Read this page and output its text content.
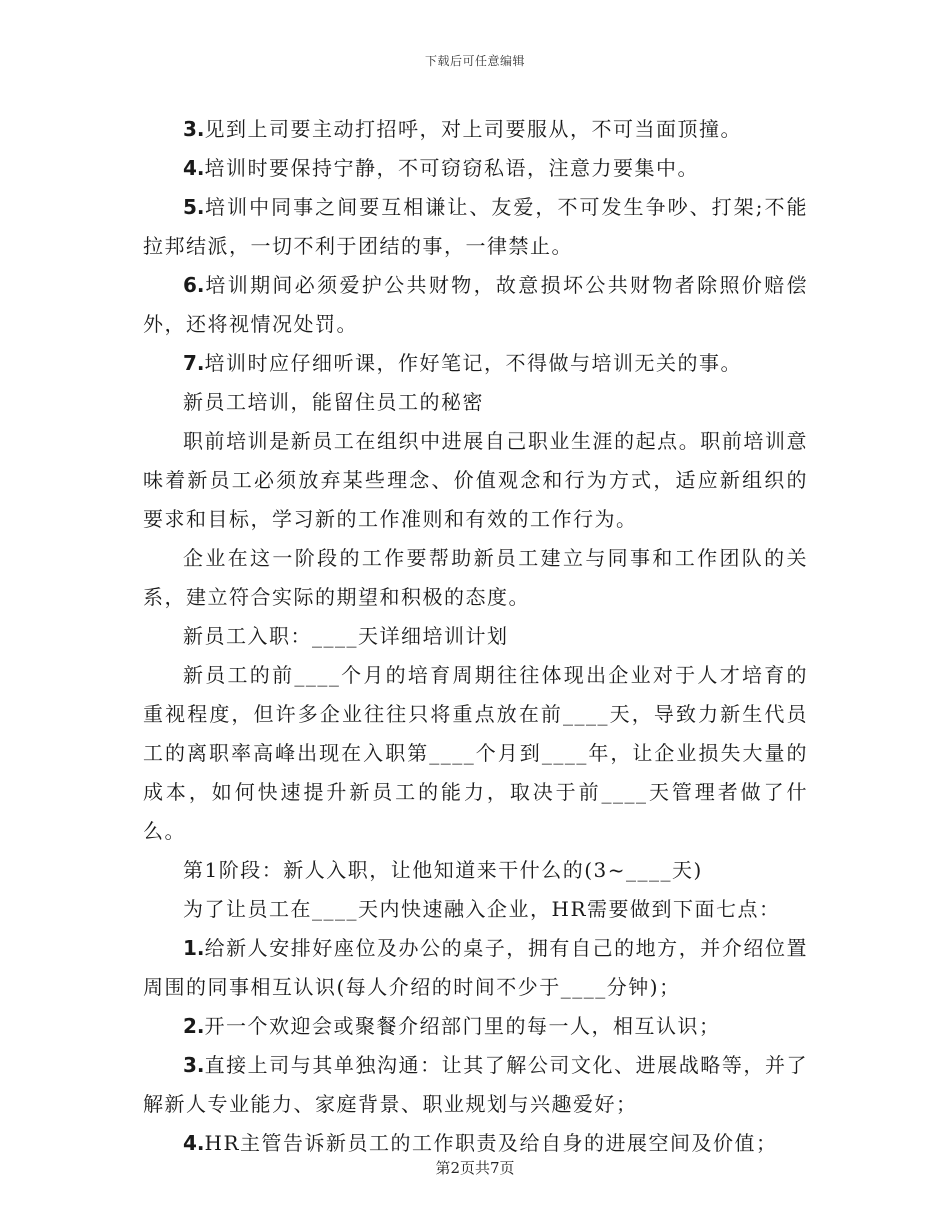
下载后可任意编辑

3.见到上司要主动打招呼，对上司要服从，不可当面顶撞。

4.培训时要保持宁静，不可窃窃私语，注意力要集中。

5.培训中同事之间要互相谦让、友爱，不可发生争吵、打架;不能拉邦结派，一切不利于团结的事，一律禁止。

6.培训期间必须爱护公共财物，故意损坏公共财物者除照价赔偿外，还将视情况处罚。

7.培训时应仔细听课，作好笔记，不得做与培训无关的事。

新员工培训，能留住员工的秘密

职前培训是新员工在组织中进展自己职业生涯的起点。职前培训意味着新员工必须放弃某些理念、价值观念和行为方式，适应新组织的要求和目标，学习新的工作准则和有效的工作行为。

企业在这一阶段的工作要帮助新员工建立与同事和工作团队的关系，建立符合实际的期望和积极的态度。

新员工入职：____天详细培训计划

新员工的前____个月的培育周期往往体现出企业对于人才培育的重视程度，但许多企业往往只将重点放在前____天，导致力新生代员工的离职率高峰出现在入职第____个月到____年，让企业损失大量的成本，如何快速提升新员工的能力，取决于前____天管理者做了什么。

第1阶段：新人入职，让他知道来干什么的(3~____天)

为了让员工在____天内快速融入企业，HR需要做到下面七点：

1.给新人安排好座位及办公的桌子，拥有自己的地方，并介绍位置周围的同事相互认识(每人介绍的时间不少于____分钟)；

2.开一个欢迎会或聚餐介绍部门里的每一人，相互认识；

3.直接上司与其单独沟通：让其了解公司文化、进展战略等，并了解新人专业能力、家庭背景、职业规划与兴趣爱好；

4.HR主管告诉新员工的工作职责及给自身的进展空间及价值；

第2页共7页
